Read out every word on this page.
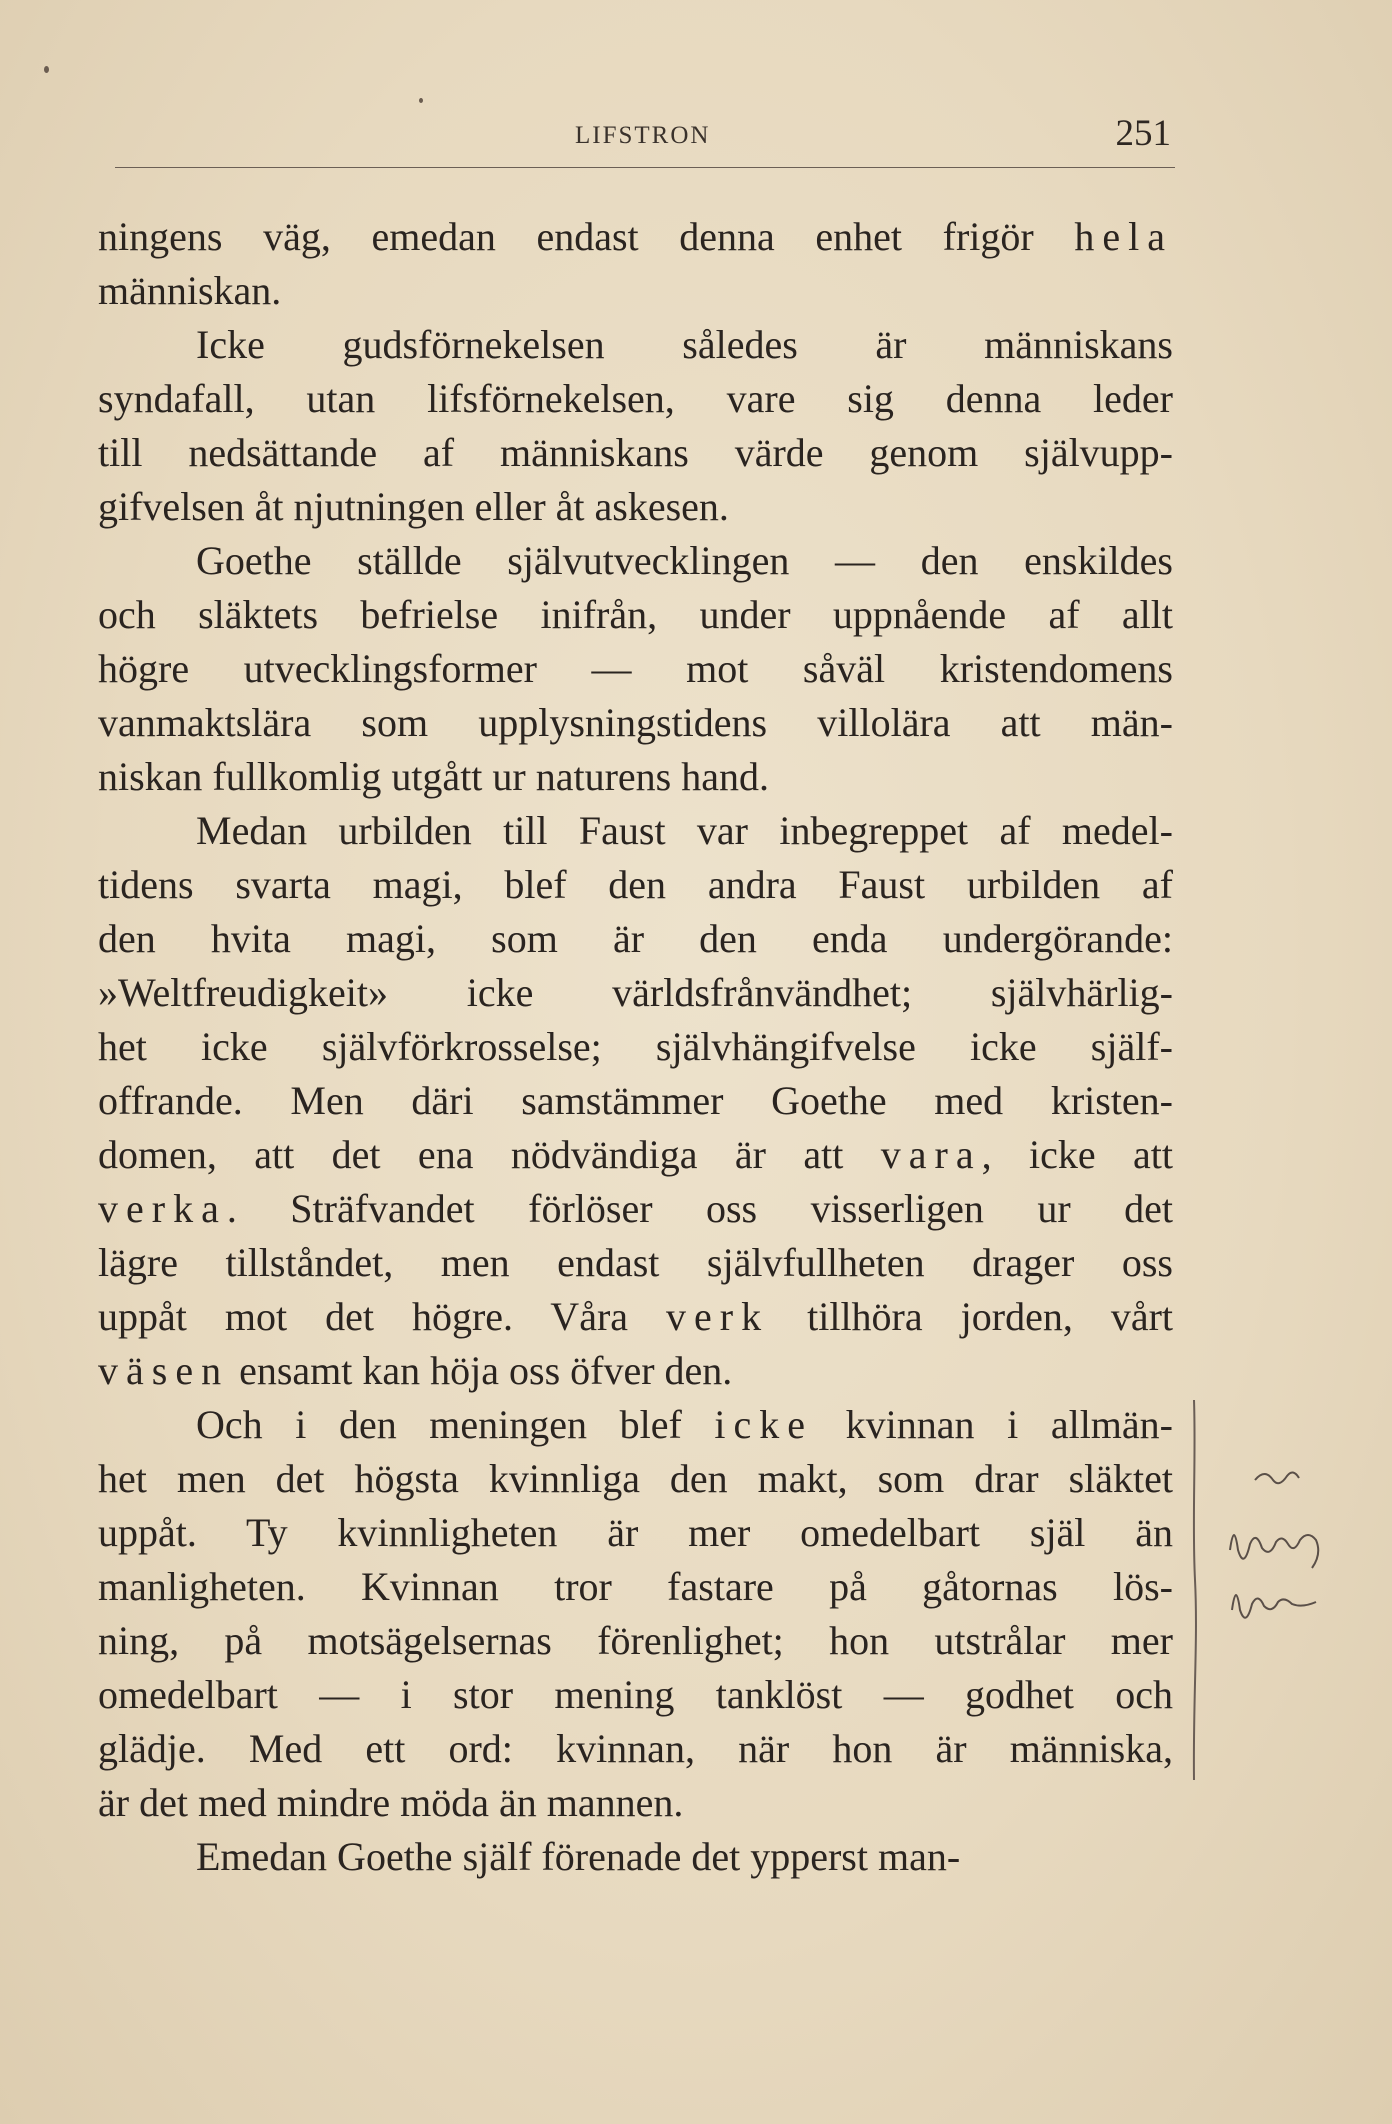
LIFSTRON	251
ningens väg, emedan endast denna enhet frigör hela
människan.
Icke gudsförnekelsen således är människans
syndafall, utan lifsförnekelsen, vare sig denna leder
till nedsättande af människans värde genom självupp-
gifvelsen åt njutningen eller åt askesen.
Goethe ställde självutvecklingen — den enskildes
och släktets befrielse inifrån, under uppnående af allt
högre utvecklingsformer — mot såväl kristendomens
vanmaktslära som upplysningstidens villolära att män-
niskan fullkomlig utgått ur naturens hand.
Medan urbilden till Faust var inbegreppet af medel-
tidens svarta magi, blef den andra Faust urbilden af
den hvita magi, som är den enda undergörande:
»Weltfreudigkeit» icke världsfrånvändhet; självhärlig-
het icke självförkrosselse; självhängifvelse icke själf-
offrande. Men däri samstämmer Goethe med kristen-
domen, att det ena nödvändiga är att vara, icke att
verka. Sträfvandet förlöser oss visserligen ur det
lägre tillståndet, men endast självfullheten drager oss
uppåt mot det högre. Våra verk tillhöra jorden, vårt
väsen ensamt kan höja oss öfver den.
Och i den meningen blef icke kvinnan i allmän-
het men det högsta kvinnliga den makt, som drar släktet
uppåt. Ty kvinnligheten är mer omedelbart själ än
manligheten. Kvinnan tror fastare på gåtornas lös-
ning, på motsägelsernas förenlighet; hon utstrålar mer
omedelbart — i stor mening tanklöst — godhet och
glädje. Med ett ord: kvinnan, när hon är människa,
är det med mindre möda än mannen.
Emedan Goethe själf förenade det ypperst man-
